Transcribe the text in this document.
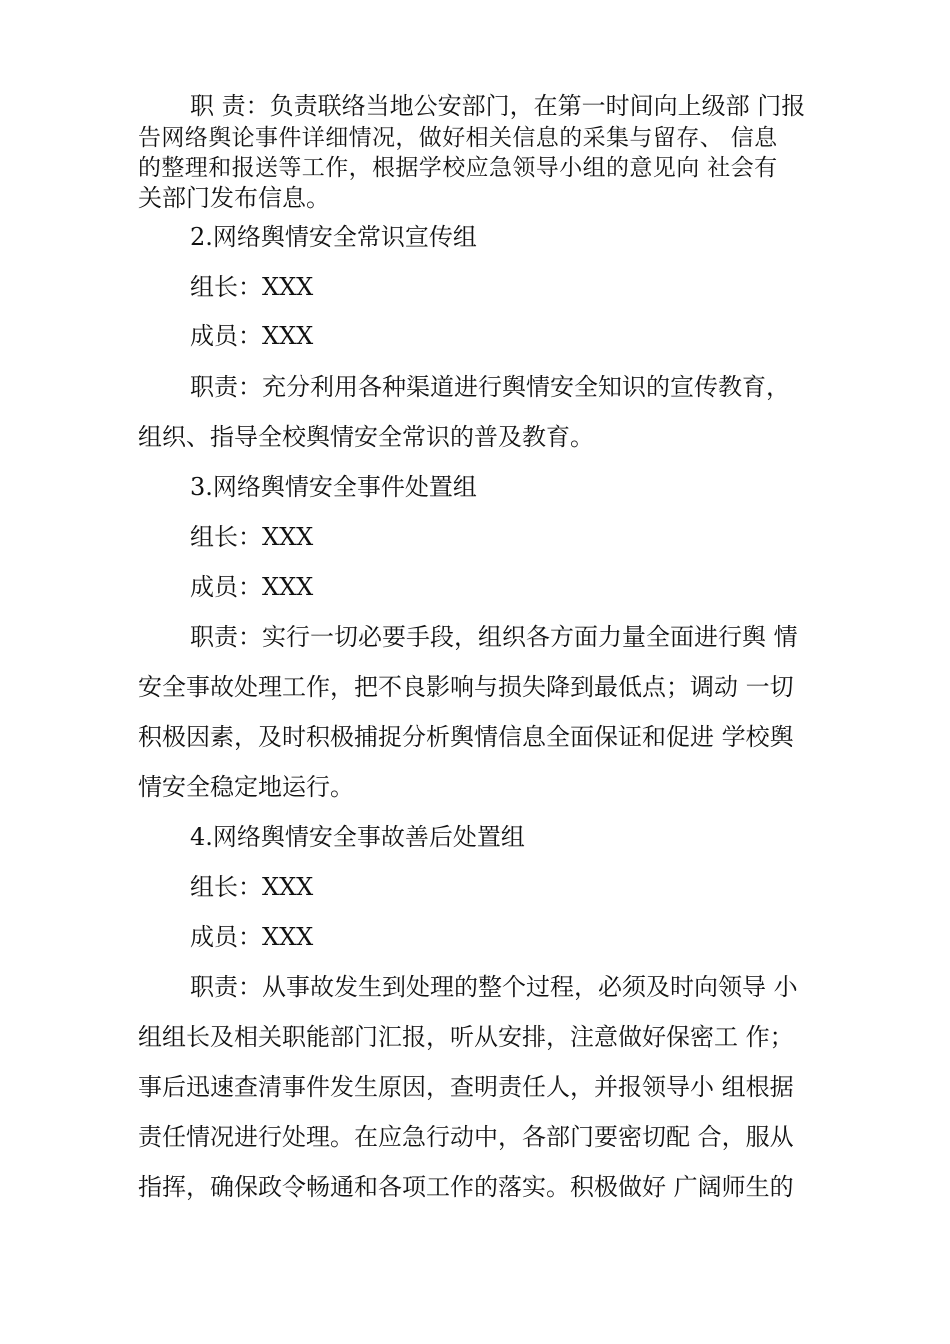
职 责：负责联络当地公安部门，在第一时间向上级部 门报
告网络舆论事件详细情况，做好相关信息的采集与留存、 信息
的整理和报送等工作，根据学校应急领导小组的意见向 社会有
关部门发布信息。
2.网络舆情安全常识宣传组
组长：XXX
成员：XXX
职责：充分利用各种渠道进行舆情安全知识的宣传教育，
组织、指导全校舆情安全常识的普及教育。
3.网络舆情安全事件处置组
组长：XXX
成员：XXX
职责：实行一切必要手段，组织各方面力量全面进行舆 情
安全事故处理工作，把不良影响与损失降到最低点；调动 一切
积极因素，及时积极捕捉分析舆情信息全面保证和促进 学校舆
情安全稳定地运行。
4.网络舆情安全事故善后处置组
组长：XXX
成员：XXX
职责：从事故发生到处理的整个过程，必须及时向领导 小
组组长及相关职能部门汇报，听从安排，注意做好保密工 作；
事后迅速查清事件发生原因，查明责任人，并报领导小 组根据
责任情况进行处理。在应急行动中，各部门要密切配 合，服从
指挥，确保政令畅通和各项工作的落实。积极做好 广阔师生的
